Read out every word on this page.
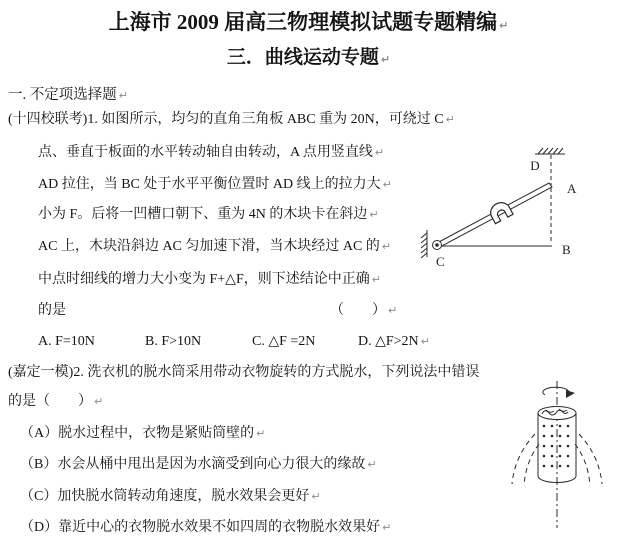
上海市 2009 届高三物理模拟试题专题精编 ↵
三．曲线运动专题 ↵
一. 不定项选择题 ↵
(十四校联考)1. 如图所示，均匀的直角三角板 ABC 重为 20N，可绕过 C ↵
点、垂直于板面的水平转动轴自由转动，A 点用竖直线 ↵
AD 拉住，当 BC 处于水平平衡位置时 AD 线上的拉力大 ↵
小为 F。后将一凹槽口朝下、重为 4N 的木块卡在斜边 ↵
AC 上，木块沿斜边 AC 匀加速下滑，当木块经过 AC 的 ↵
中点时细线的增力大小变为 F+△F，则下述结论中正确 ↵
的是	（　　） ↵
A. F=10N	B. F>10N	C. △F =2N	D. △F>2N ↵
(嘉定一模)2. 洗衣机的脱水筒采用带动衣物旋转的方式脱水，下列说法中错误
的是（　　） ↵
（A）脱水过程中，衣物是紧贴筒壁的 ↵
（B）水会从桶中甩出是因为水滴受到向心力很大的缘故 ↵
（C）加快脱水筒转动角速度，脱水效果会更好 ↵
（D）靠近中心的衣物脱水效果不如四周的衣物脱水效果好 ↵
D
A
B
C
